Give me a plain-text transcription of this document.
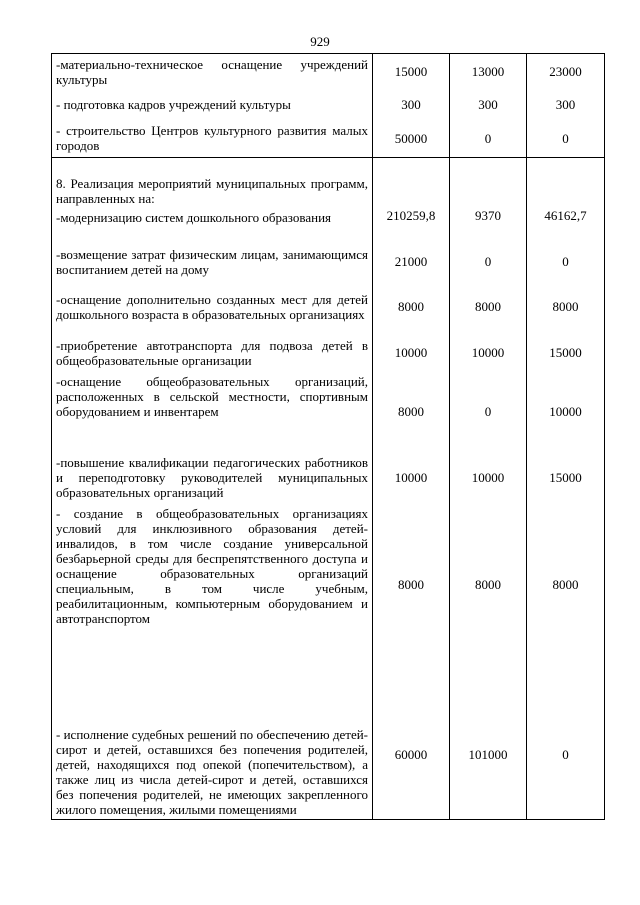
929
-материально-техническое оснащение учреждений культуры	15000	13000	23000
- подготовка кадров учреждений культуры	300	300	300
- строительство Центров культурного развития малых городов	50000	0	0

8. Реализация мероприятий муниципальных программ, направленных на:
-модернизацию систем дошкольного образования	210259,8	9370	46162,7
-возмещение затрат физическим лицам, занимающимся воспитанием детей на дому	21000	0	0
-оснащение дополнительно созданных мест для детей дошкольного возраста в образовательных организациях	8000	8000	8000
-приобретение автотранспорта для подвоза детей в общеобразовательные организации	10000	10000	15000
-оснащение общеобразовательных организаций, расположенных в сельской местности, спортивным оборудованием и инвентарем	8000	0	10000
-повышение квалификации педагогических работников и переподготовку руководителей муниципальных образовательных организаций	10000	10000	15000
- создание в общеобразовательных организациях условий для инклюзивного образования детей-инвалидов, в том числе создание универсальной безбарьерной среды для беспрепятственного доступа и оснащение образовательных организаций специальным, в том числе учебным, реабилитационным, компьютерным оборудованием и автотранспортом	8000	8000	8000
- исполнение судебных решений по обеспечению детей-сирот и детей, оставшихся без попечения родителей, детей, находящихся под опекой (попечительством), а также лиц из числа детей-сирот и детей, оставшихся без попечения родителей, не имеющих закрепленного жилого помещения, жилыми помещениями	60000	101000	0
